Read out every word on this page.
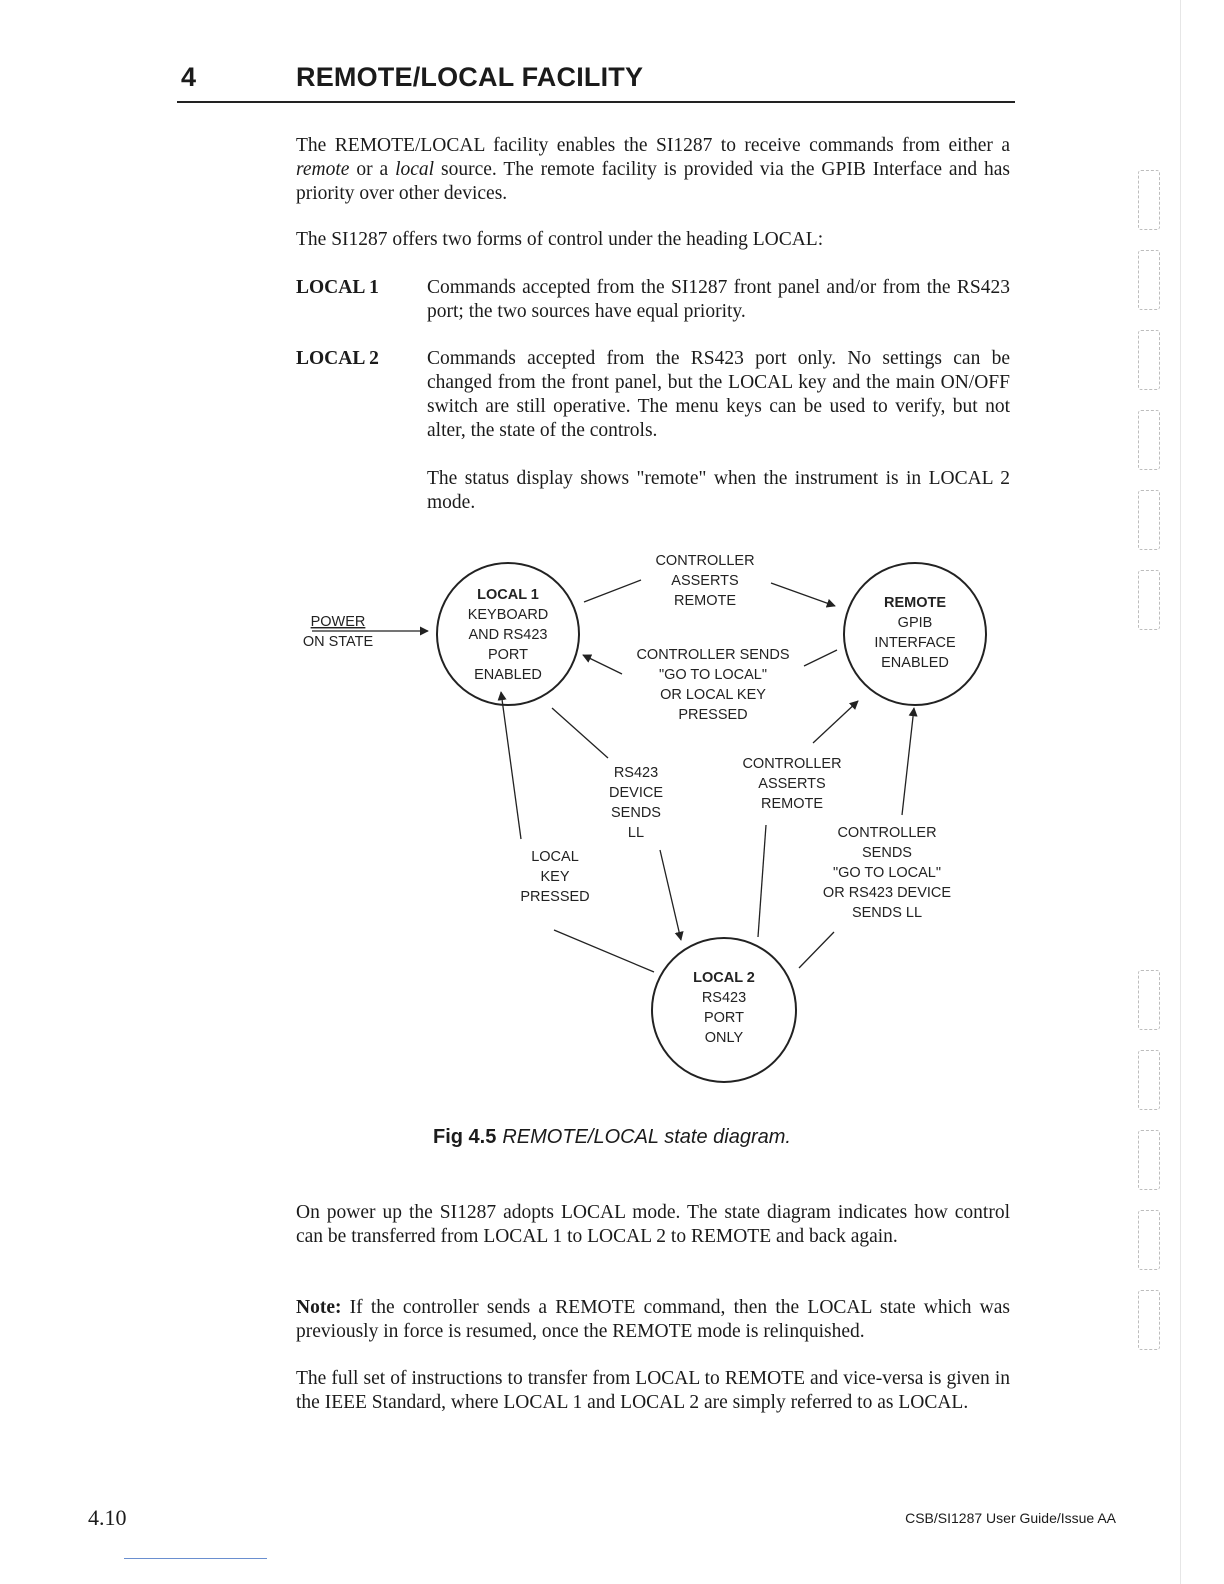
4	REMOTE/LOCAL FACILITY

The REMOTE/LOCAL facility enables the SI1287 to receive commands from either a remote or a local source. The remote facility is provided via the GPIB Interface and has priority over other devices.

The SI1287 offers two forms of control under the heading LOCAL:

LOCAL 1 Commands accepted from the SI1287 front panel and/or from the RS423 port; the two sources have equal priority.

LOCAL 2 Commands accepted from the RS423 port only. No settings can be changed from the front panel, but the LOCAL key and the main ON/OFF switch are still operative. The menu keys can be used to verify, but not alter, the state of the controls.

The status display shows "remote" when the instrument is in LOCAL 2 mode.

POWER
ON STATE
LOCAL 1
KEYBOARD
AND RS423
PORT
ENABLED
REMOTE
GPIB
INTERFACE
ENABLED
LOCAL 2
RS423
PORT
ONLY
CONTROLLER
ASSERTS
REMOTE
CONTROLLER SENDS
"GO TO LOCAL"
OR LOCAL KEY
PRESSED
RS423
DEVICE
SENDS
LL
CONTROLLER
ASSERTS
REMOTE
CONTROLLER
SENDS
"GO TO LOCAL"
OR RS423 DEVICE
SENDS LL
LOCAL
KEY
PRESSED
Fig 4.5 REMOTE/LOCAL state diagram.

On power up the SI1287 adopts LOCAL mode. The state diagram indicates how control can be transferred from LOCAL 1 to LOCAL 2 to REMOTE and back again.

Note: If the controller sends a REMOTE command, then the LOCAL state which was previously in force is resumed, once the REMOTE mode is relinquished.

The full set of instructions to transfer from LOCAL to REMOTE and vice-versa is given in the IEEE Standard, where LOCAL 1 and LOCAL 2 are simply referred to as LOCAL.

4.10	CSB/SI1287 User Guide/Issue AA
